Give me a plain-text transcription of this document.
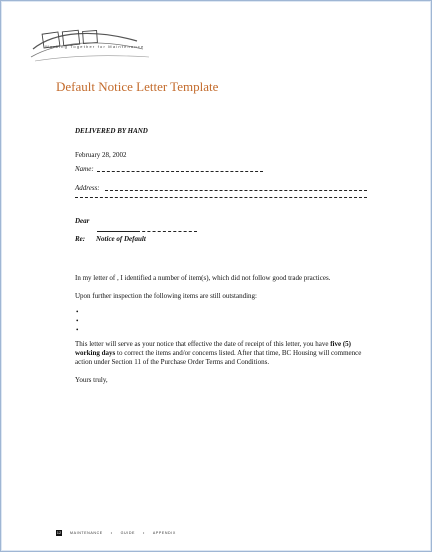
Working Together for Maintenance
Default Notice Letter Template
DELIVERED BY HAND
February 28, 2002
Name:
Address:
Dear
Re: Notice of Default
In my letter of , I identified a number of item(s), which did not follow good trade practices.
Upon further inspection the following items are still outstanding:
•
•
•
This letter will serve as your notice that effective the date of receipt of this letter, you have five (5) working days to correct the items and/or concerns listed. After that time, BC Housing will commence action under Section 11 of the Purchase Order Terms and Conditions.
Yours truly,
12 MAINTENANCE • GUIDE • APPENDIX
